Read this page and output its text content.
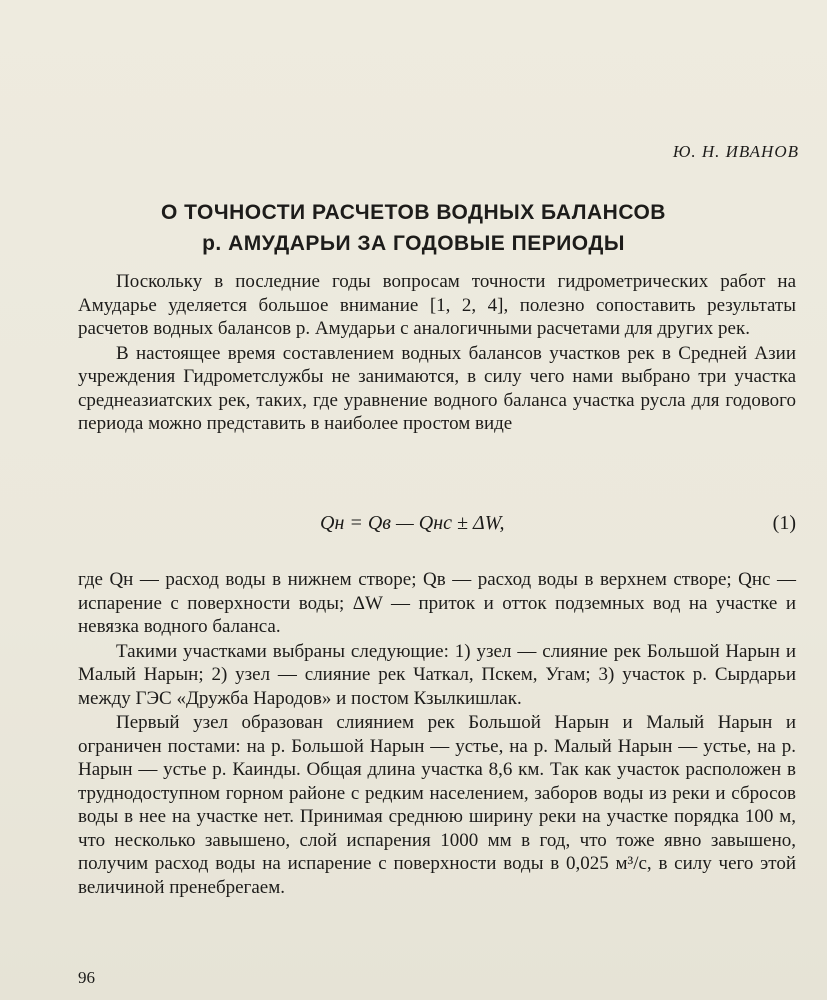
Ю. Н. ИВАНОВ
О ТОЧНОСТИ РАСЧЕТОВ ВОДНЫХ БАЛАНСОВ
р. АМУДАРЬИ ЗА ГОДОВЫЕ ПЕРИОДЫ

Поскольку в последние годы вопросам точности гидрометрических работ на Амударье уделяется большое внимание [1, 2, 4], полезно сопоставить результаты расчетов водных балансов р. Амударьи с аналогичными расчетами для других рек.

В настоящее время составлением водных балансов участков рек в Средней Азии учреждения Гидрометслужбы не занимаются, в силу чего нами выбрано три участка среднеазиатских рек, таких, где уравнение водного баланса участка русла для годового периода можно представить в наиболее простом виде

Qн = Qв — Qнс ± ΔW,	(1)

где Qн — расход воды в нижнем створе; Qв — расход воды в верхнем створе; Qнс — испарение с поверхности воды; ΔW — приток и отток подземных вод на участке и невязка водного баланса.

Такими участками выбраны следующие: 1) узел — слияние рек Большой Нарын и Малый Нарын; 2) узел — слияние рек Чаткал, Пскем, Угам; 3) участок р. Сырдарьи между ГЭС «Дружба Народов» и постом Кзылкишлак.

Первый узел образован слиянием рек Большой Нарын и Малый Нарын и ограничен постами: на р. Большой Нарын — устье, на р. Малый Нарын — устье, на р. Нарын — устье р. Каинды. Общая длина участка 8,6 км. Так как участок расположен в труднодоступном горном районе с редким населением, заборов воды из реки и сбросов воды в нее на участке нет. Принимая среднюю ширину реки на участке порядка 100 м, что несколько завышено, слой испарения 1000 мм в год, что тоже явно завышено, получим расход воды на испарение с поверхности воды в 0,025 м³/с, в силу чего этой величиной пренебрегаем.

96
